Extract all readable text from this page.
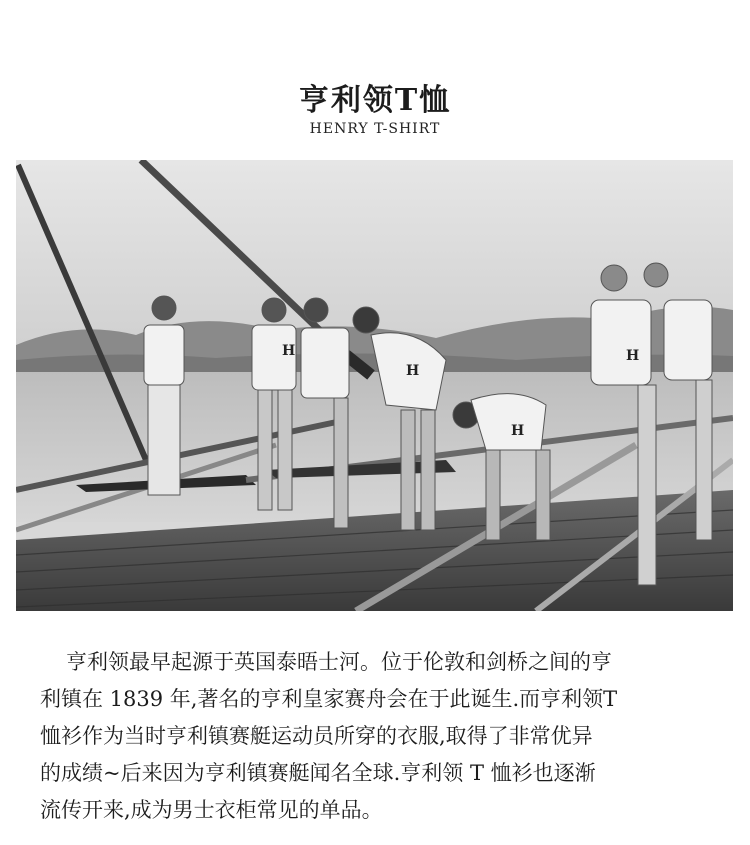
亨利领T恤
HENRY T-SHIRT
H
H
H
H
亨利领最早起源于英国泰晤士河。位于伦敦和剑桥之间的亨
利镇在 1839 年,著名的亨利皇家赛舟会在于此诞生.而亨利领T
恤衫作为当时亨利镇赛艇运动员所穿的衣服,取得了非常优异
的成绩~后来因为亨利镇赛艇闻名全球.亨利领 T 恤衫也逐渐
流传开来,成为男士衣柜常见的单品。
